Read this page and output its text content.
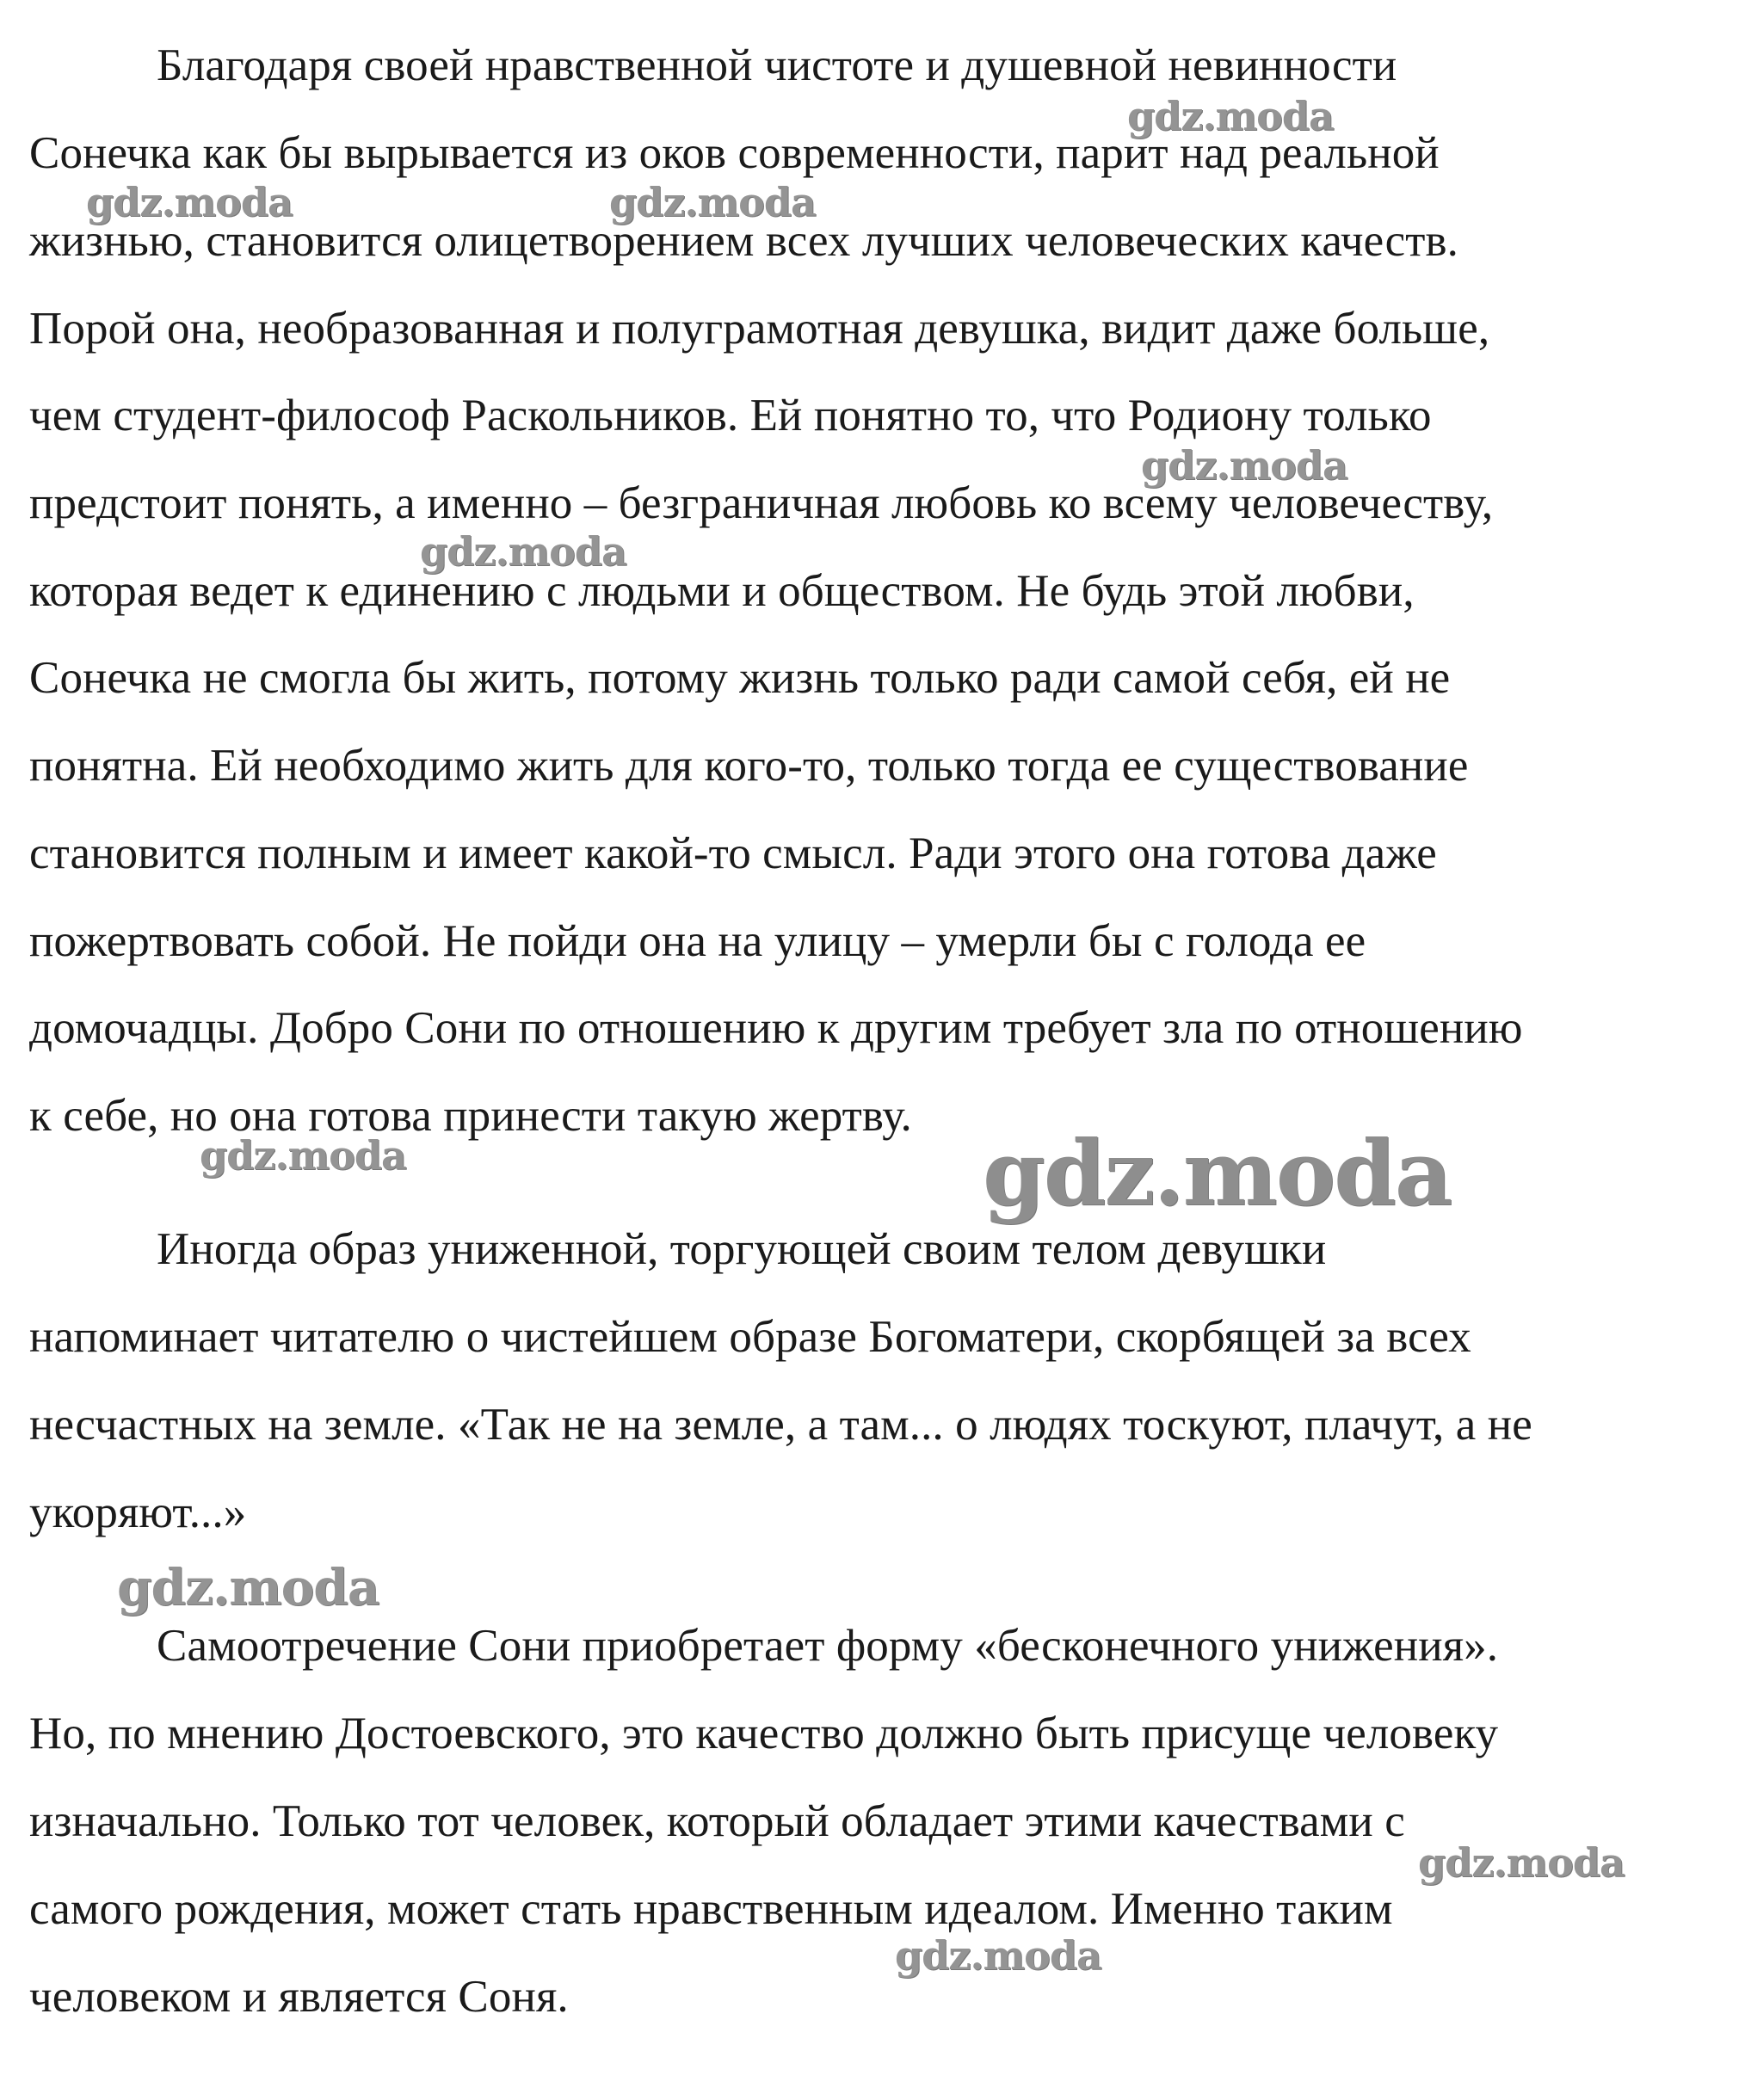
Благодаря своей нравственной чистоте и душевной невинности

Сонечка как бы вырывается из оков современности, парит над реальной

жизнью, становится олицетворением всех лучших человеческих качеств.

Порой она, необразованная и полуграмотная девушка, видит даже больше,

чем студент-философ Раскольников. Ей понятно то, что Родиону только

предстоит понять, а именно – безграничная любовь ко всему человечеству,

которая ведет к единению с людьми и обществом. Не будь этой любви,

Сонечка не смогла бы жить, потому жизнь только ради самой себя, ей не

понятна. Ей необходимо жить для кого-то, только тогда ее существование

становится полным и имеет какой-то смысл. Ради этого она готова даже

пожертвовать собой. Не пойди она на улицу – умерли бы с голода ее

домочадцы. Добро Сони по отношению к другим требует зла по отношению

к себе, но она готова принести такую жертву.

Иногда образ униженной, торгующей своим телом девушки

напоминает читателю о чистейшем образе Богоматери, скорбящей за всех

несчастных на земле. «Так не на земле, а там... о людях тоскуют, плачут, а не

укоряют...»

Самоотречение Сони приобретает форму «бесконечного унижения».

Но, по мнению Достоевского, это качество должно быть присуще человеку

изначально. Только тот человек, который обладает этими качествами с

самого рождения, может стать нравственным идеалом. Именно таким

человеком и является Соня.

gdz.moda
gdz.moda	gdz.moda
gdz.moda
gdz.moda
gdz.moda	gdz.moda
gdz.moda
gdz.moda
gdz.moda
